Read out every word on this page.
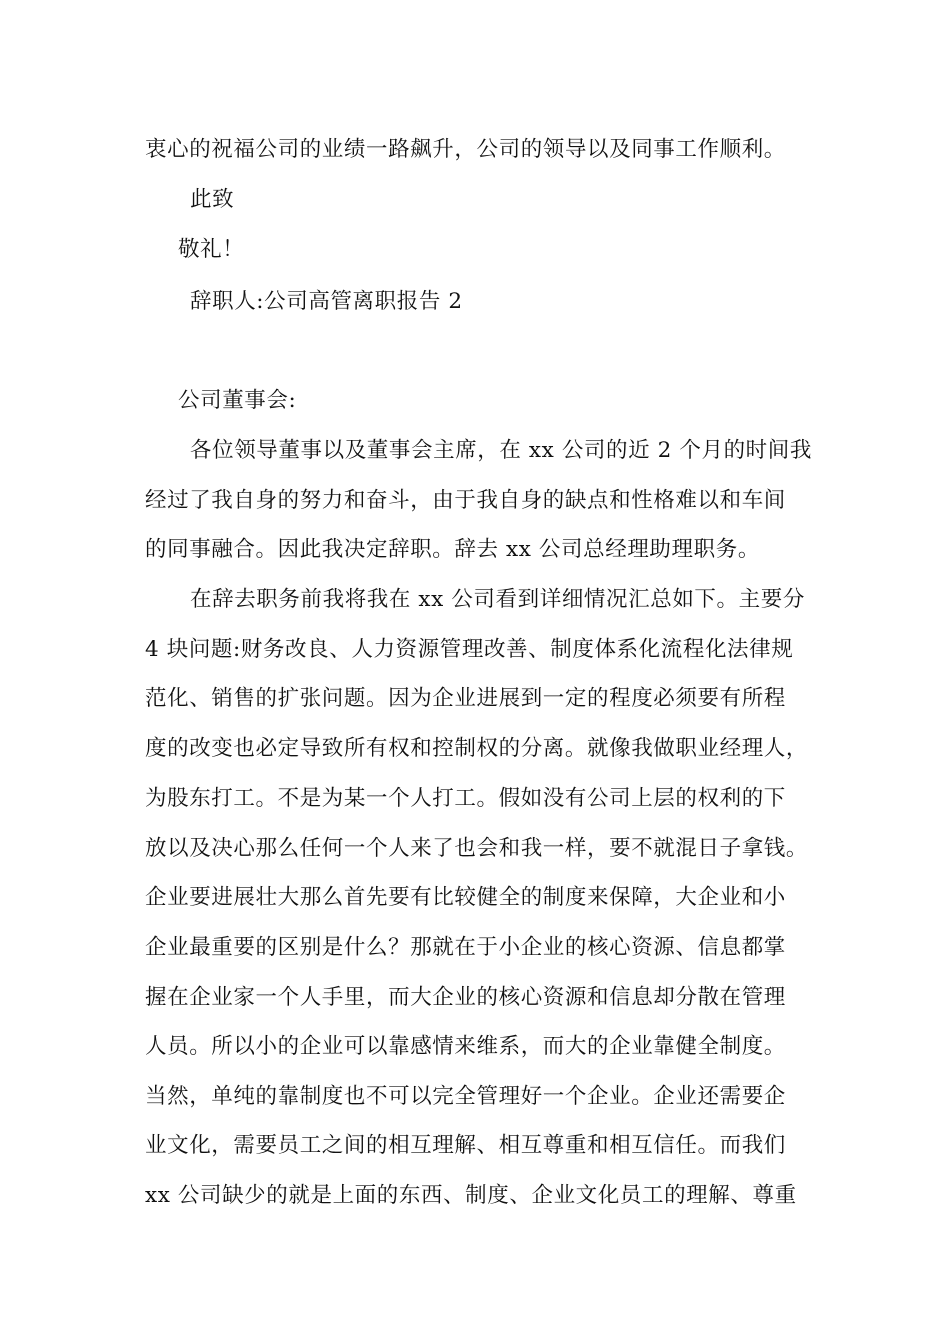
衷心的祝福公司的业绩一路飙升，公司的领导以及同事工作顺利。
此致
敬礼！
辞职人:公司高管离职报告 2
公司董事会:
各位领导董事以及董事会主席，在 xx 公司的近 2 个月的时间我
经过了我自身的努力和奋斗，由于我自身的缺点和性格难以和车间
的同事融合。因此我决定辞职。辞去 xx 公司总经理助理职务。
在辞去职务前我将我在 xx 公司看到详细情况汇总如下。主要分
4 块问题:财务改良、人力资源管理改善、制度体系化流程化法律规
范化、销售的扩张问题。因为企业进展到一定的程度必须要有所程
度的改变也必定导致所有权和控制权的分离。就像我做职业经理人，
为股东打工。不是为某一个人打工。假如没有公司上层的权利的下
放以及决心那么任何一个人来了也会和我一样，要不就混日子拿钱。
企业要进展壮大那么首先要有比较健全的制度来保障，大企业和小
企业最重要的区别是什么？那就在于小企业的核心资源、信息都掌
握在企业家一个人手里，而大企业的核心资源和信息却分散在管理
人员。所以小的企业可以靠感情来维系，而大的企业靠健全制度。
当然，单纯的靠制度也不可以完全管理好一个企业。企业还需要企
业文化，需要员工之间的相互理解、相互尊重和相互信任。而我们
xx 公司缺少的就是上面的东西、制度、企业文化员工的理解、尊重
